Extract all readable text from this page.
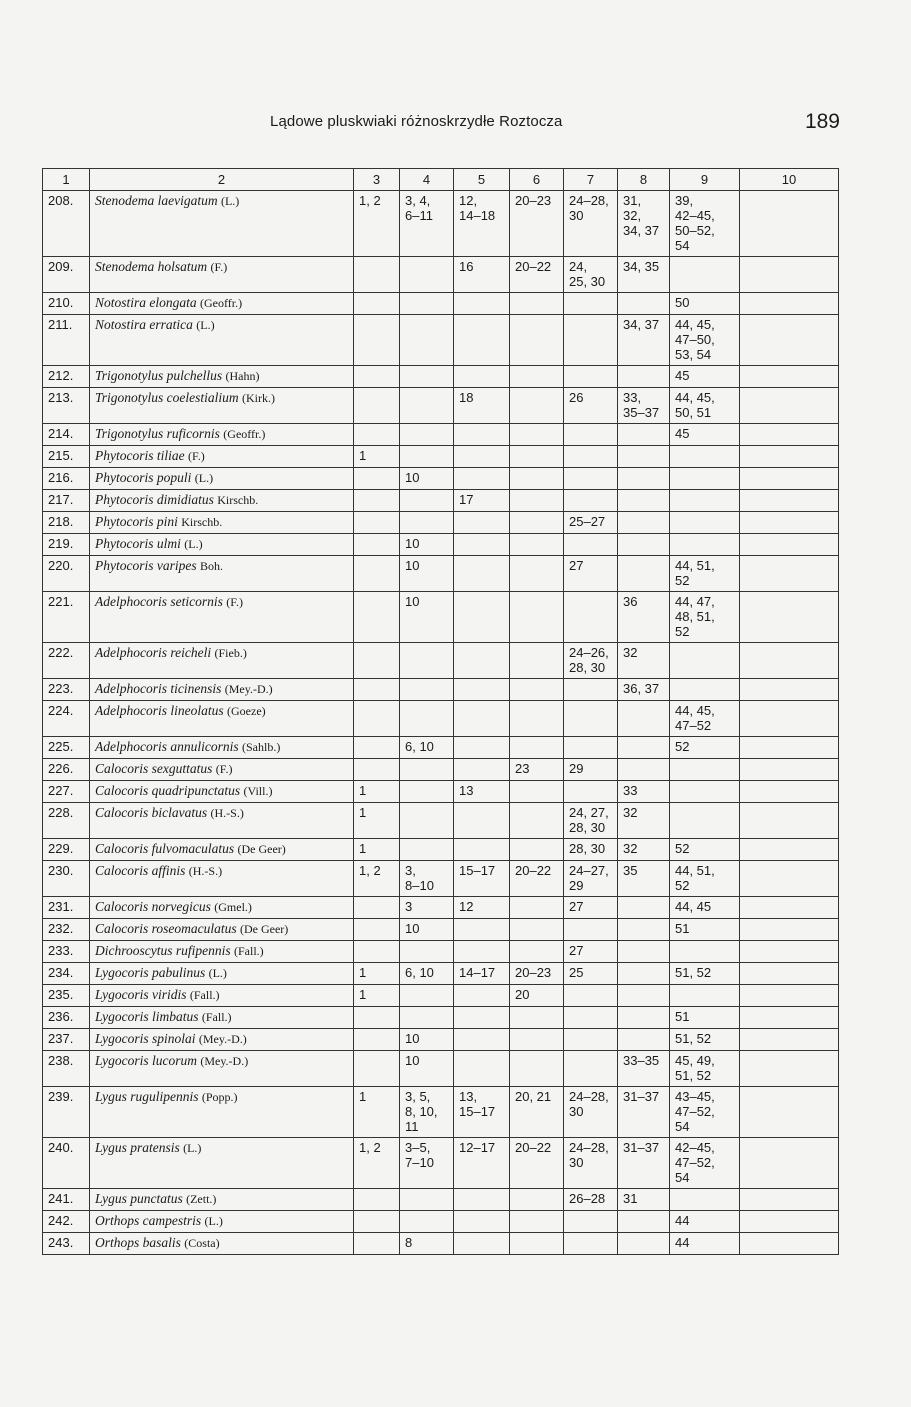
Lądowe pluskwiaki różnoskrzydłe Roztocza	189
1	2	3	4	5	6	7	8	9	10
208.	Stenodema laevigatum (L.)	1, 2	3, 4,
6–11	12,
14–18	20–23	24–28,
30	31,
32,
34, 37	39,
42–45,
50–52,
54	
209.	Stenodema holsatum (F.)			16	20–22	24,
25, 30	34, 35		
210.	Notostira elongata (Geoffr.)							50	
211.	Notostira erratica (L.)						34, 37	44, 45,
47–50,
53, 54	
212.	Trigonotylus pulchellus (Hahn)							45	
213.	Trigonotylus coelestialium (Kirk.)			18		26	33,
35–37	44, 45,
50, 51	
214.	Trigonotylus ruficornis (Geoffr.)							45	
215.	Phytocoris tiliae (F.)	1							
216.	Phytocoris populi (L.)		10						
217.	Phytocoris dimidiatus Kirschb.			17					
218.	Phytocoris pini Kirschb.					25–27			
219.	Phytocoris ulmi (L.)		10						
220.	Phytocoris varipes Boh.		10			27		44, 51,
52	
221.	Adelphocoris seticornis (F.)		10				36	44, 47,
48, 51,
52	
222.	Adelphocoris reicheli (Fieb.)					24–26,
28, 30	32		
223.	Adelphocoris ticinensis (Mey.-D.)						36, 37		
224.	Adelphocoris lineolatus (Goeze)							44, 45,
47–52	
225.	Adelphocoris annulicornis (Sahlb.)		6, 10					52	
226.	Calocoris sexguttatus (F.)				23	29			
227.	Calocoris quadripunctatus (Vill.)	1		13			33		
228.	Calocoris biclavatus (H.-S.)	1				24, 27,
28, 30	32		
229.	Calocoris fulvomaculatus (De Geer)	1				28, 30	32	52	
230.	Calocoris affinis (H.-S.)	1, 2	3,
8–10	15–17	20–22	24–27,
29	35	44, 51,
52	
231.	Calocoris norvegicus (Gmel.)		3	12		27		44, 45	
232.	Calocoris roseomaculatus (De Geer)		10					51	
233.	Dichrooscytus rufipennis (Fall.)					27			
234.	Lygocoris pabulinus (L.)	1	6, 10	14–17	20–23	25		51, 52	
235.	Lygocoris viridis (Fall.)	1			20				
236.	Lygocoris limbatus (Fall.)							51	
237.	Lygocoris spinolai (Mey.-D.)		10					51, 52	
238.	Lygocoris lucorum (Mey.-D.)		10				33–35	45, 49,
51, 52	
239.	Lygus rugulipennis (Popp.)	1	3, 5,
8, 10,
11	13,
15–17	20, 21	24–28,
30	31–37	43–45,
47–52,
54	
240.	Lygus pratensis (L.)	1, 2	3–5,
7–10	12–17	20–22	24–28,
30	31–37	42–45,
47–52,
54	
241.	Lygus punctatus (Zett.)					26–28	31		
242.	Orthops campestris (L.)							44	
243.	Orthops basalis (Costa)		8					44	
